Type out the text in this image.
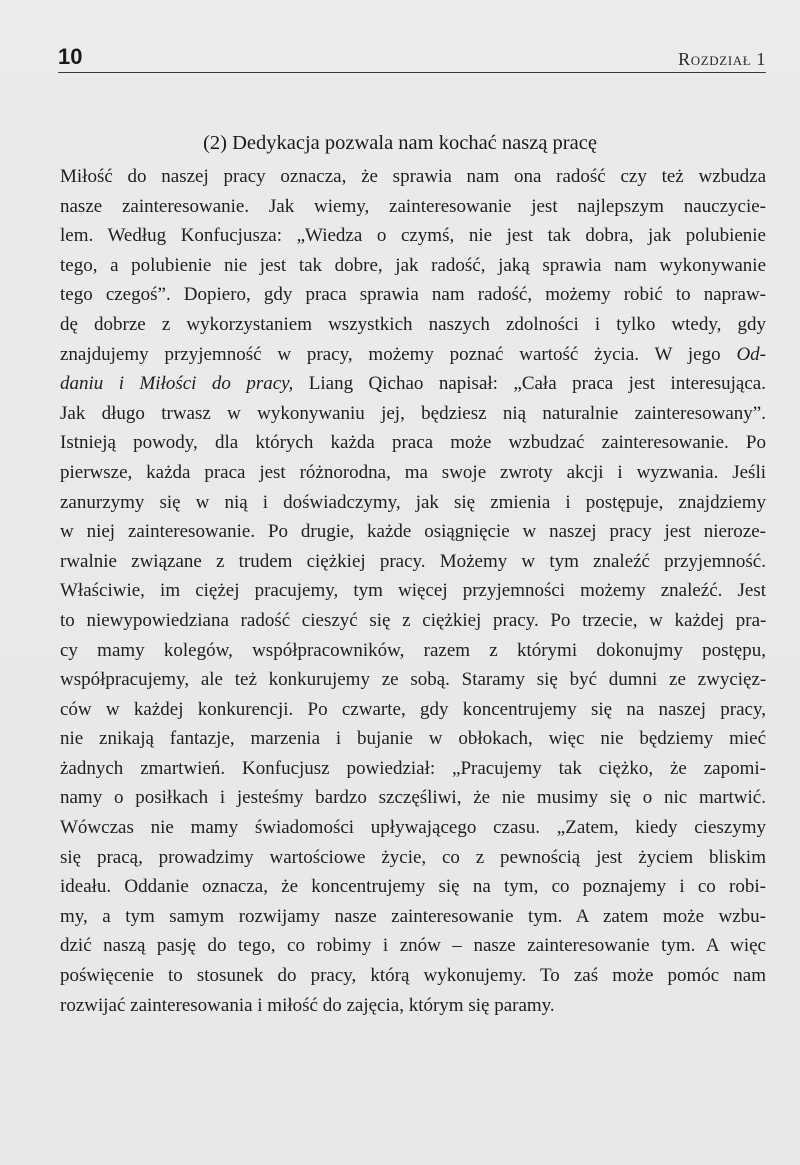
10	Rozdział 1
(2) Dedykacja pozwala nam kochać naszą pracę
Miłość do naszej pracy oznacza, że sprawia nam ona radość czy też wzbudza
nasze zainteresowanie. Jak wiemy, zainteresowanie jest najlepszym nauczycie-
lem. Według Konfucjusza: „Wiedza o czymś, nie jest tak dobra, jak polubienie
tego, a polubienie nie jest tak dobre, jak radość, jaką sprawia nam wykonywanie
tego czegoś”. Dopiero, gdy praca sprawia nam radość, możemy robić to napraw-
dę dobrze z wykorzystaniem wszystkich naszych zdolności i tylko wtedy, gdy
znajdujemy przyjemność w pracy, możemy poznać wartość życia. W jego Od-
daniu i Miłości do pracy, Liang Qichao napisał: „Cała praca jest interesująca.
Jak długo trwasz w wykonywaniu jej, będziesz nią naturalnie zainteresowany”.
Istnieją powody, dla których każda praca może wzbudzać zainteresowanie. Po
pierwsze, każda praca jest różnorodna, ma swoje zwroty akcji i wyzwania. Jeśli
zanurzymy się w nią i doświadczymy, jak się zmienia i postępuje, znajdziemy
w niej zainteresowanie. Po drugie, każde osiągnięcie w naszej pracy jest nieroze-
rwalnie związane z trudem ciężkiej pracy. Możemy w tym znaleźć przyjemność.
Właściwie, im ciężej pracujemy, tym więcej przyjemności możemy znaleźć. Jest
to niewypowiedziana radość cieszyć się z ciężkiej pracy. Po trzecie, w każdej pra-
cy mamy kolegów, współpracowników, razem z którymi dokonujmy postępu,
współpracujemy, ale też konkurujemy ze sobą. Staramy się być dumni ze zwycięz-
ców w każdej konkurencji. Po czwarte, gdy koncentrujemy się na naszej pracy,
nie znikają fantazje, marzenia i bujanie w obłokach, więc nie będziemy mieć
żadnych zmartwień. Konfucjusz powiedział: „Pracujemy tak ciężko, że zapomi-
namy o posiłkach i jesteśmy bardzo szczęśliwi, że nie musimy się o nic martwić.
Wówczas nie mamy świadomości upływającego czasu. „Zatem, kiedy cieszymy
się pracą, prowadzimy wartościowe życie, co z pewnością jest życiem bliskim
ideału. Oddanie oznacza, że koncentrujemy się na tym, co poznajemy i co robi-
my, a tym samym rozwijamy nasze zainteresowanie tym. A zatem może wzbu-
dzić naszą pasję do tego, co robimy i znów – nasze zainteresowanie tym. A więc
poświęcenie to stosunek do pracy, którą wykonujemy. To zaś może pomóc nam
rozwijać zainteresowania i miłość do zajęcia, którym się paramy.
